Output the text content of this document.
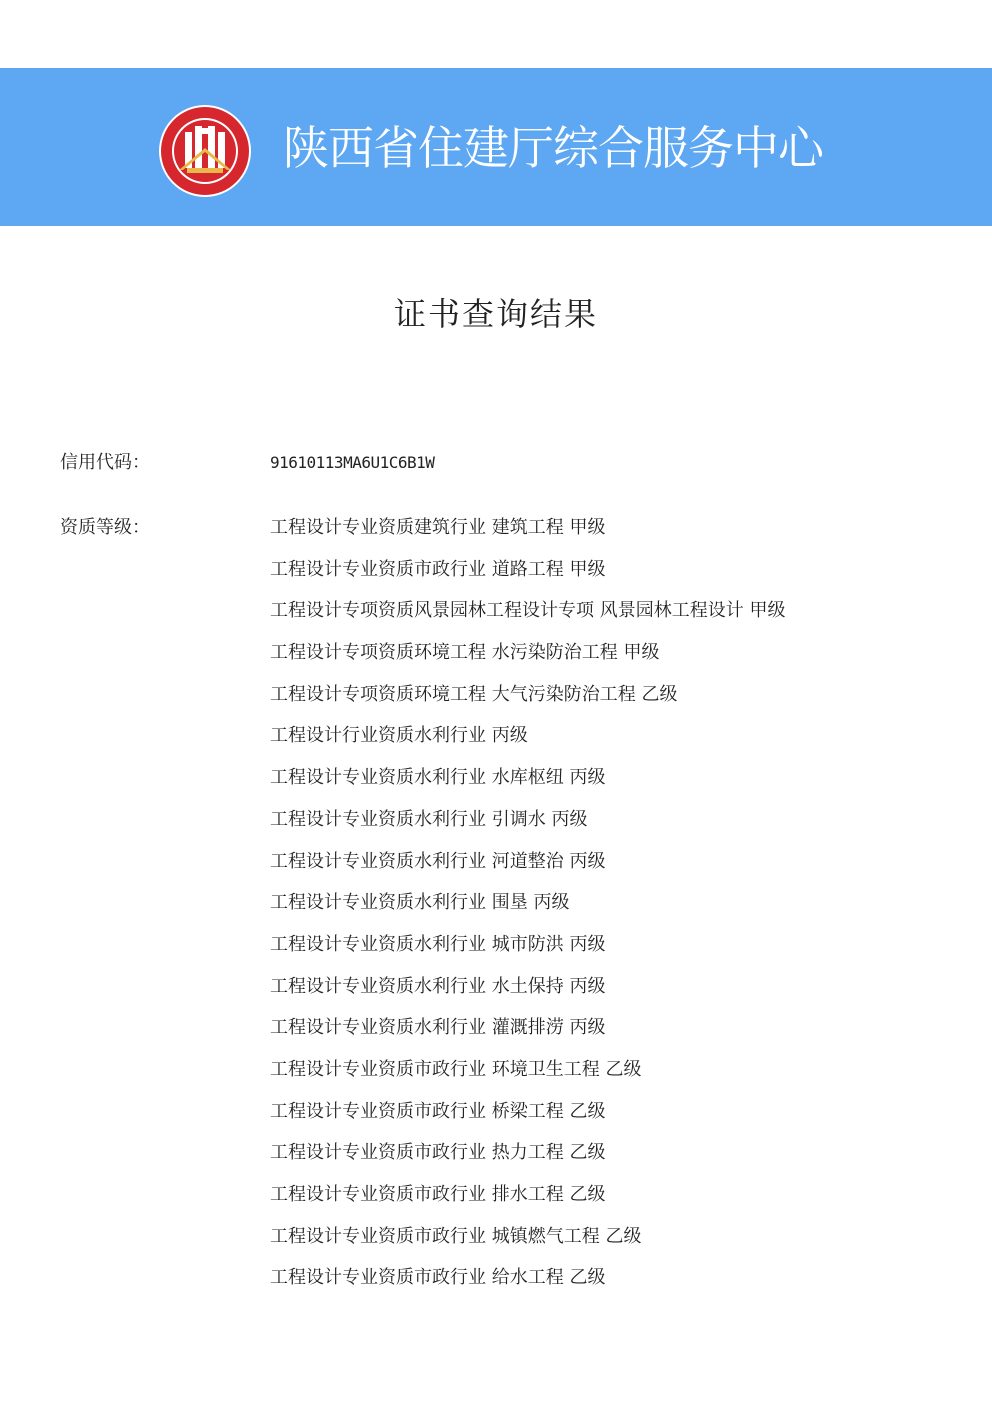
陕西省住建厅综合服务中心
证书查询结果
信用代码：	91610113MA6U1C6B1W
资质等级：	工程设计专业资质建筑行业 建筑工程 甲级
工程设计专业资质市政行业 道路工程 甲级
工程设计专项资质风景园林工程设计专项 风景园林工程设计 甲级
工程设计专项资质环境工程 水污染防治工程 甲级
工程设计专项资质环境工程 大气污染防治工程 乙级
工程设计行业资质水利行业 丙级
工程设计专业资质水利行业 水库枢纽 丙级
工程设计专业资质水利行业 引调水 丙级
工程设计专业资质水利行业 河道整治 丙级
工程设计专业资质水利行业 围垦 丙级
工程设计专业资质水利行业 城市防洪 丙级
工程设计专业资质水利行业 水土保持 丙级
工程设计专业资质水利行业 灌溉排涝 丙级
工程设计专业资质市政行业 环境卫生工程 乙级
工程设计专业资质市政行业 桥梁工程 乙级
工程设计专业资质市政行业 热力工程 乙级
工程设计专业资质市政行业 排水工程 乙级
工程设计专业资质市政行业 城镇燃气工程 乙级
工程设计专业资质市政行业 给水工程 乙级
